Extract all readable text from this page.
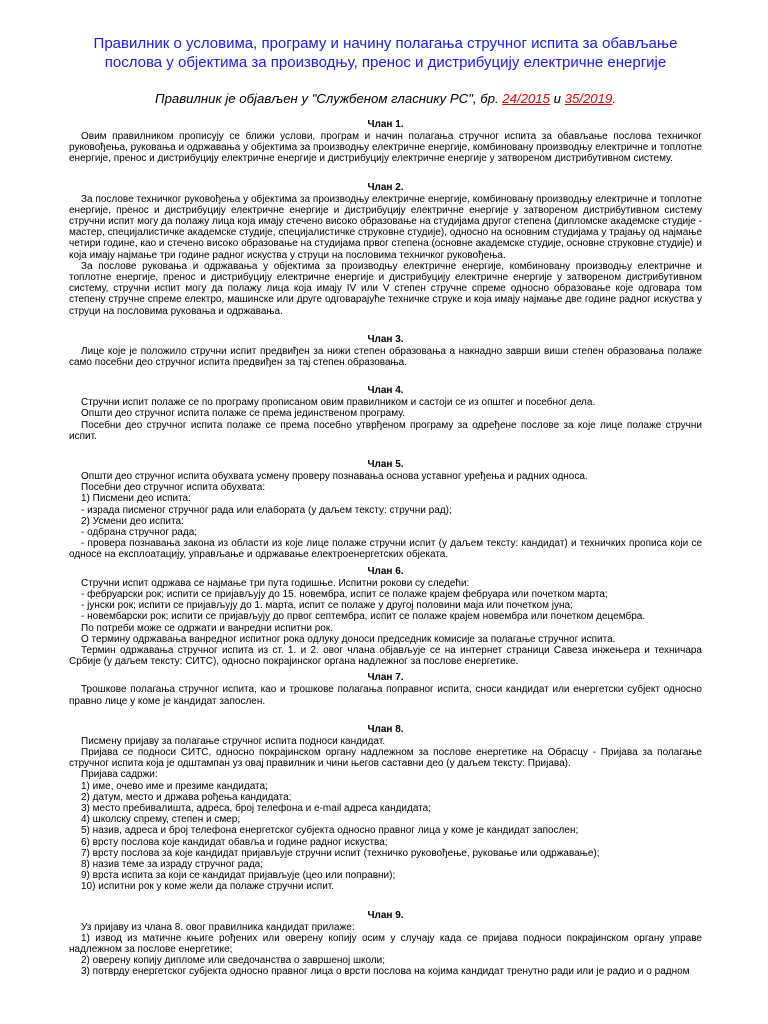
Правилник о условима, програму и начину полагања стручног испита за обављање послова у објектима за производњу, пренос и дистрибуцију електричне енергије
Правилник је објављен у "Службеном гласнику РС", бр. 24/2015 и 35/2019.
Члан 1.

Овим правилником прописују се ближи услови, програм и начин полагања стручног испита за обављање послова техничког руковођења, руковања и одржавања у објектима за производњу електричне енергије, комбиновану производњу електричне и топлотне енергије, пренос и дистрибуцију електричне енергије и дистрибуцију електричне енергије у затвореном дистрибутивном систему.

Члан 2.

За послове техничког руковођења у објектима за производњу електричне енергије, комбиновану производњу електричне и топлотне енергије, пренос и дистрибуцију електричне енергије и дистрибуцију електричне енергије у затвореном дистрибутивном систему стручни испит могу да полажу лица која имају стечено високо образовање на студијама другог степена (дипломске академске студије - мастер, специјалистичке академске студије, специјалистичке струковне студије), односно на основним студијама у трајању од најмање четири године, као и стечено високо образовање на студијама првог степена (основне академске студије, основне струковне студије) и која имају најмање три године радног искуства у струци на пословима техничког руковођења.

За послове руковања и одржавања у објектима за производњу електричне енергије, комбиновану производњу електричне и топлотне енергије, пренос и дистрибуцију електричне енергије и дистрибуцију електричне енергије у затвореном дистрибутивном систему, стручни испит могу да полажу лица која имају IV или V степен стручне спреме односно образовање које одговара том степену стручне спреме електро, машинске или друге одговарајуће техничке струке и која имају најмање две године радног искуства у струци на пословима руковања и одржавања.

Члан 3.

Лице које је положило стручни испит предвиђен за нижи степен образовања а накнадно заврши виши степен образовања полаже само посебни део стручног испита предвиђен за тај степен образовања.

Члан 4.

Стручни испит полаже се по програму прописаном овим правилником и састоји се из општег и посебног дела.

Општи део стручног испита полаже се према јединственом програму.

Посебни део стручног испита полаже се према посебно утврђеном програму за одређене послове за које лице полаже стручни испит.

Члан 5.

Општи део стручног испита обухвата усмену проверу познавања основа уставног уређења и радних односа.

Посебни део стручног испита обухвата:

1) Писмени део испита:

- израда писменог стручног рада или елабората (у даљем тексту: стручни рад);

2) Усмени део испита:

- одбрана стручног рада;

- провера познавања закона из области из које лице полаже стручни испит (у даљем тексту: кандидат) и техничких прописа који се односе на експлоатацију, управљање и одржавање електроенергетских објеката.

Члан 6.

Стручни испит одржава се најмање три пута годишње. Испитни рокови су следећи:

- фебруарски рок; испити се пријављују до 15. новембра, испит се полаже крајем фебруара или почетком марта;

- јунски рок; испити се пријављују до 1. марта, испит се полаже у другој половини маја или почетком јуна;

- новембарски рок; испити се пријављују до првог септембра, испит се полаже крајем новембра или почетком децембра.

По потреби може се одржати и ванредни испитни рок.

О термину одржавања ванредног испитног рока одлуку доноси председник комисије за полагање стручног испита.

Термин одржавања стручног испита из ст. 1. и 2. овог члана објављује се на интернет страници Савеза инжењера и техничара Србије (у даљем тексту: СИТС), односно покрајинског органа надлежног за послове енергетике.

Члан 7.

Трошкове полагања стручног испита, као и трошкове полагања поправног испита, сноси кандидат или енергетски субјект односно правно лице у коме је кандидат запослен.

Члан 8.

Писмену пријаву за полагање стручног испита подноси кандидат.

Пријава се подноси СИТС, односно покрајинском органу надлежном за послове енергетике на Обрасцу - Пријава за полагање стручног испита која је одштампан уз овај правилник и чини његов саставни део (у даљем тексту: Пријава).

Пријава садржи:

1) име, очево име и презиме кандидата;

2) датум, место и држава рођења кандидата;

3) место пребивалишта, адреса, број телефона и e-mail адреса кандидата;

4) школску спрему, степен и смер;

5) назив, адреса и број телефона енергетског субјекта односно правног лица у коме је кандидат запослен;

6) врсту послова које кандидат обавља и године радног искуства;

7) врсту послова за које кандидат пријављује стручни испит (техничко руковођење, руковање или одржавање);

8) назив теме за израду стручног рада;

9) врста испита за који се кандидат пријављује (цео или поправни);

10) испитни рок у коме жели да полаже стручни испит.

Члан 9.

Уз пријаву из члана 8. овог правилника кандидат прилаже:

1) извод из матичне књиге рођених или оверену копију осим у случају када се пријава подноси покрајинском органу управе надлежном за послове енергетике;

2) оверену копију дипломе или сведочанства о завршеној школи;

3) потврду енергетског субјекта односно правног лица о врсти послова на којима кандидат тренутно ради или је радио и о радном
